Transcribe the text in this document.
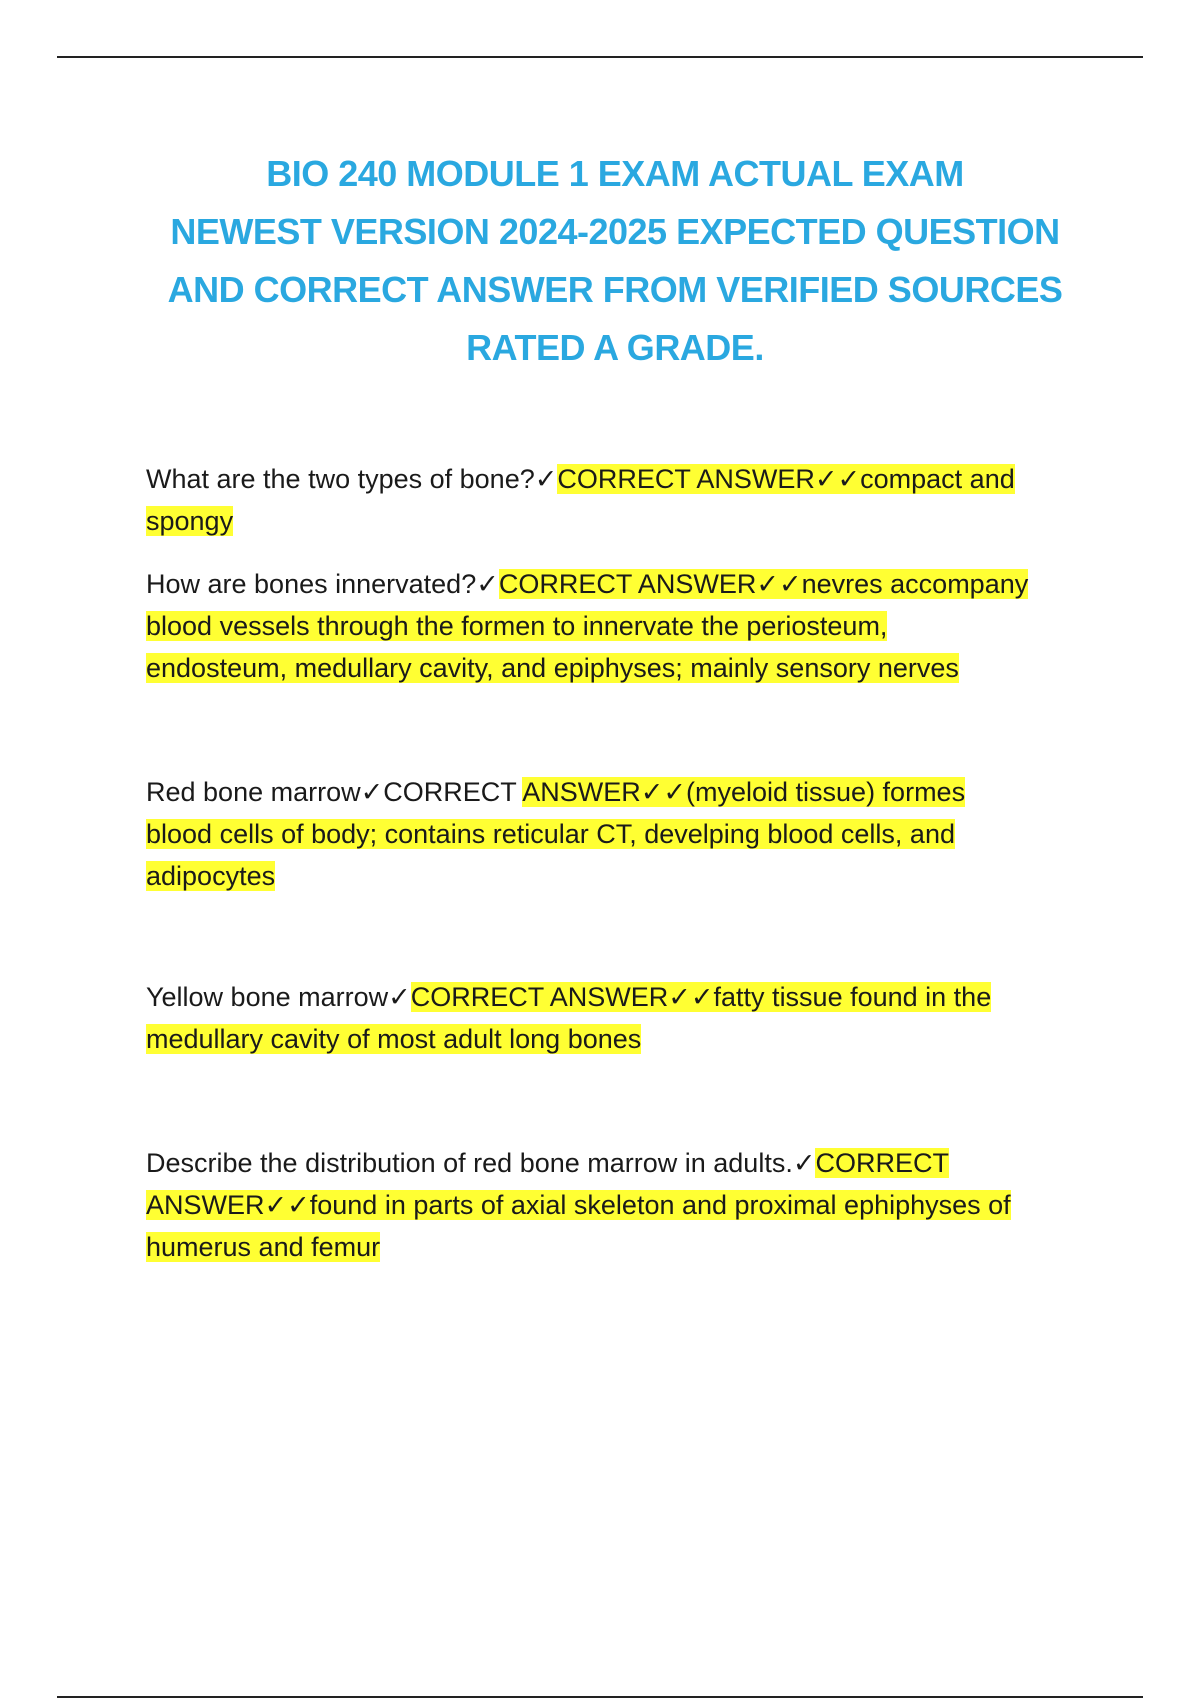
BIO 240 MODULE 1 EXAM ACTUAL EXAM
NEWEST VERSION 2024-2025 EXPECTED QUESTION
AND CORRECT ANSWER FROM VERIFIED SOURCES
RATED A GRADE.
What are the two types of bone?✓CORRECT ANSWER✓✓compact and
spongy
How are bones innervated?✓CORRECT ANSWER✓✓nevres accompany
blood vessels through the formen to innervate the periosteum,
endosteum, medullary cavity, and epiphyses; mainly sensory nerves
Red bone marrow✓CORRECT ANSWER✓✓(myeloid tissue) formes
blood cells of body; contains reticular CT, develping blood cells, and
adipocytes
Yellow bone marrow✓CORRECT ANSWER✓✓fatty tissue found in the
medullary cavity of most adult long bones
Describe the distribution of red bone marrow in adults.✓CORRECT
ANSWER✓✓found in parts of axial skeleton and proximal ephiphyses of
humerus and femur
